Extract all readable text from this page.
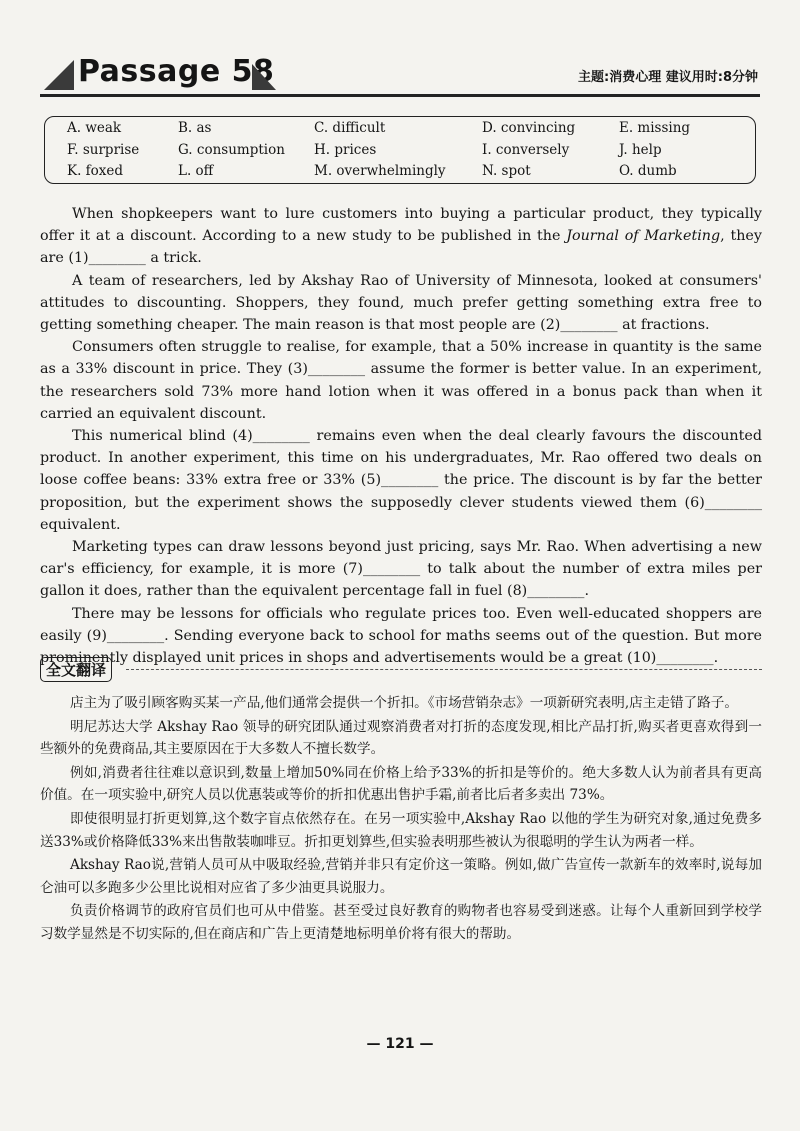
Passage 58	主题:消费心理 建议用时:8分钟
A. weak	B. as	C. difficult	D. convincing	E. missing
F. surprise	G. consumption H. prices	I. conversely	J. help
K. foxed	L. off	M. overwhelmingly	N. spot	O. dumb

When shopkeepers want to lure customers into buying a particular product, they typically offer it at a discount. According to a new study to be published in the Journal of Marketing, they are (1)________ a trick.

A team of researchers, led by Akshay Rao of University of Minnesota, looked at consumers' attitudes to discounting. Shoppers, they found, much prefer getting something extra free to getting something cheaper. The main reason is that most people are (2)________ at fractions.

Consumers often struggle to realise, for example, that a 50% increase in quantity is the same as a 33% discount in price. They (3)________ assume the former is better value. In an experiment, the researchers sold 73% more hand lotion when it was offered in a bonus pack than when it carried an equivalent discount.

This numerical blind (4)________ remains even when the deal clearly favours the discounted product. In another experiment, this time on his undergraduates, Mr. Rao offered two deals on loose coffee beans: 33% extra free or 33% (5)________ the price. The discount is by far the better proposition, but the experiment shows the supposedly clever students viewed them (6)________ equivalent.

Marketing types can draw lessons beyond just pricing, says Mr. Rao. When advertising a new car's efficiency, for example, it is more (7)________ to talk about the number of extra miles per gallon it does, rather than the equivalent percentage fall in fuel (8)________.

There may be lessons for officials who regulate prices too. Even well-educated shoppers are easily (9)________. Sending everyone back to school for maths seems out of the question. But more prominently displayed unit prices in shops and advertisements would be a great (10)________.

全文翻译

店主为了吸引顾客购买某一产品,他们通常会提供一个折扣。《市场营销杂志》一项新研究表明,店主走错了路子。

明尼苏达大学 Akshay Rao 领导的研究团队通过观察消费者对打折的态度发现,相比产品打折,购买者更喜欢得到一些额外的免费商品,其主要原因在于大多数人不擅长数学。

例如,消费者往往难以意识到,数量上增加50%同在价格上给予33%的折扣是等价的。绝大多数人认为前者具有更高价值。在一项实验中,研究人员以优惠装或等价的折扣优惠出售护手霜,前者比后者多卖出 73%。

即使很明显打折更划算,这个数字盲点依然存在。在另一项实验中,Akshay Rao 以他的学生为研究对象,通过免费多送33%或价格降低33%来出售散装咖啡豆。折扣更划算些,但实验表明那些被认为很聪明的学生认为两者一样。

Akshay Rao说,营销人员可从中吸取经验,营销并非只有定价这一策略。例如,做广告宣传一款新车的效率时,说每加仑油可以多跑多少公里比说相对应省了多少油更具说服力。

负责价格调节的政府官员们也可从中借鉴。甚至受过良好教育的购物者也容易受到迷惑。让每个人重新回到学校学习数学显然是不切实际的,但在商店和广告上更清楚地标明单价将有很大的帮助。

— 121 —
